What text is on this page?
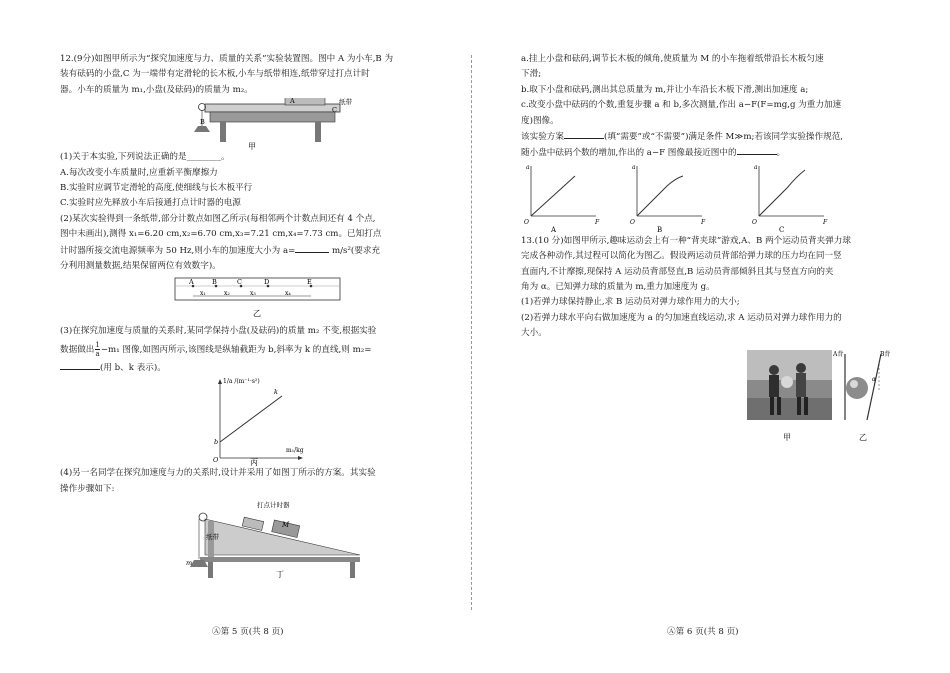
12.(9分)如图甲所示为“探究加速度与力、质量的关系”实验装置图。图中 A 为小车,B 为

装有砝码的小盘,C 为一端带有定滑轮的长木板,小车与纸带相连,纸带穿过打点计时

器。小车的质量为 m₁,小盘(及砝码)的质量为 m₂。

纸带
A
B
C
甲

(1)关于本实验,下列说法正确的是________。

A.每次改变小车质量时,应重新平衡摩擦力

B.实验时应调节定滑轮的高度,使细线与长木板平行

C.实验时应先释放小车后接通打点计时器的电源

(2)某次实验得到一条纸带,部分计数点如图乙所示(每相邻两个计数点间还有 4 个点,

图中未画出),测得 x₁=6.20 cm,x₂=6.70 cm,x₃=7.21 cm,x₄=7.73 cm。已知打点

计时器所接交流电源频率为 50 Hz,则小车的加速度大小为 a=	m/s²(要求充

分利用测量数据,结果保留两位有效数字)。

A	B	C	D	E
x₁	x₂	x₃	x₄
乙

(3)在探究加速度与质量的关系时,某同学保持小盘(及砝码)的质量 m₂ 不变,根据实验

数据做出 $\frac{1}{a} -m_1$ 图像,如图丙所示,该图线是纵轴截距为 b,斜率为 k 的直线,则 m₂=

(用 b、k 表示)。

1/a /(m⁻¹·s²)
m₁/kg
k
b
O	丙

(4)另一名同学在探究加速度与力的关系时,设计并采用了如图丁所示的方案。其实验

操作步骤如下:

打点计时器
纸带
M
m
丁

a.挂上小盘和砝码,调节长木板的倾角,使质量为 M 的小车拖着纸带沿长木板匀速

下滑;

b.取下小盘和砝码,测出其总质量为 m,并让小车沿长木板下滑,测出加速度 a;

c.改变小盘中砝码的个数,重复步骤 a 和 b,多次测量,作出 a−F(F=mg,g 为重力加速

度)图像。

该实验方案	(填“需要”或“不需要”)满足条件 M≫m;若该同学实验操作规范,

随小盘中砝码个数的增加,作出的 a−F 图像最接近图中的	。

a
F
O
A
a
F
O
B
a
F
O
C

13.(10 分)如图甲所示,趣味运动会上有一种“背夹球”游戏,A、B 两个运动员背夹弹力球

完成各种动作,其过程可以简化为图乙。假设两运动员背部给弹力球的压力均在同一竖

直面内,不计摩擦,现保持 A 运动员背部竖直,B 运动员背部倾斜且其与竖直方向的夹

角为 α。已知弹力球的质量为 m,重力加速度为 g。

(1)若弹力球保持静止,求 B 运动员对弹力球作用力的大小;

(2)若弹力球水平向右做加速度为 a 的匀加速直线运动,求 A 运动员对弹力球作用力的

大小。

甲
A背	B背
α
乙
Ⓐ第 5 页(共 8 页)	Ⓐ第 6 页(共 8 页)
